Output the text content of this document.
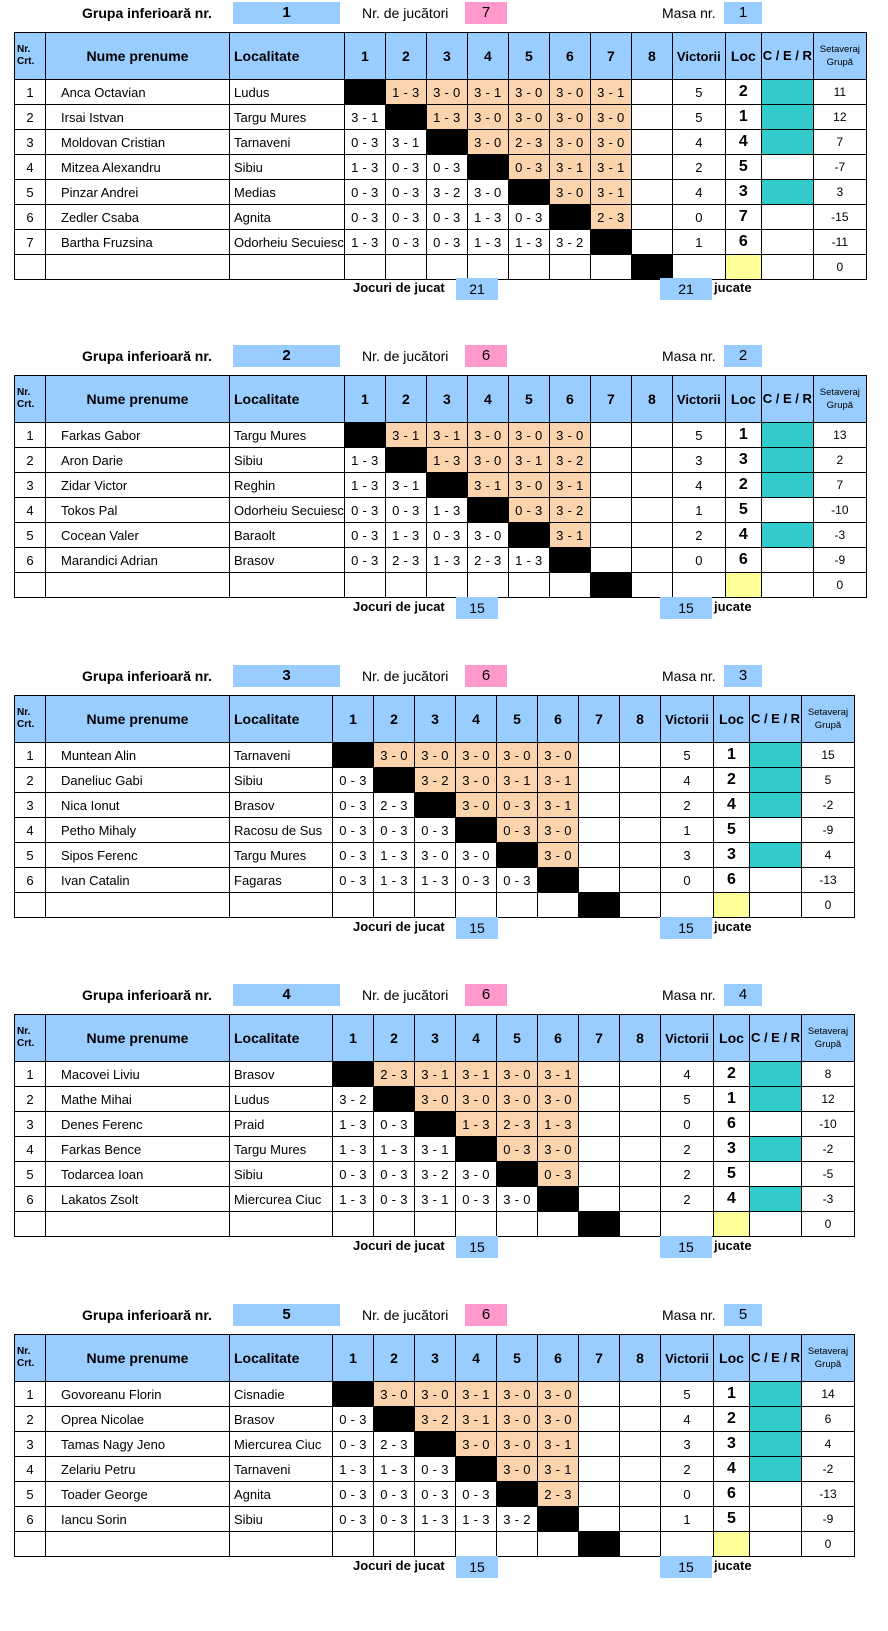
Grupa inferioară nr.	1	Nr. de jucători	7	Masa nr.	1
Nr. Crt.	Nume prenume	Localitate	1	2	3	4	5	6	7	8	Victorii	Loc	C / E / R	Setaveraj Grupă
1	Anca Octavian	Ludus		1 - 3	3 - 0	3 - 1	3 - 0	3 - 0	3 - 1		5	2		11
2	Irsai Istvan	Targu Mures	3 - 1		1 - 3	3 - 0	3 - 0	3 - 0	3 - 0		5	1		12
3	Moldovan Cristian	Tarnaveni	0 - 3	3 - 1		3 - 0	2 - 3	3 - 0	3 - 0		4	4		7
4	Mitzea Alexandru	Sibiu	1 - 3	0 - 3	0 - 3		0 - 3	3 - 1	3 - 1		2	5		-7
5	Pinzar Andrei	Medias	0 - 3	0 - 3	3 - 2	3 - 0		3 - 0	3 - 1		4	3		3
6	Zedler Csaba	Agnita	0 - 3	0 - 3	0 - 3	1 - 3	0 - 3		2 - 3		0	7		-15
7	Bartha Fruzsina	Odorheiu Secuiesc	1 - 3	0 - 3	0 - 3	1 - 3	1 - 3	3 - 2			1	6		-11
														0
Jocuri de jucat	21	21	jucate
Grupa inferioară nr.	2	Nr. de jucători	6	Masa nr.	2
Nr. Crt.	Nume prenume	Localitate	1	2	3	4	5	6	7	8	Victorii	Loc	C / E / R	Setaveraj Grupă
1	Farkas Gabor	Targu Mures		3 - 1	3 - 1	3 - 0	3 - 0	3 - 0			5	1		13
2	Aron Darie	Sibiu	1 - 3		1 - 3	3 - 0	3 - 1	3 - 2			3	3		2
3	Zidar Victor	Reghin	1 - 3	3 - 1		3 - 1	3 - 0	3 - 1			4	2		7
4	Tokos Pal	Odorheiu Secuiesc	0 - 3	0 - 3	1 - 3		0 - 3	3 - 2			1	5		-10
5	Cocean Valer	Baraolt	0 - 3	1 - 3	0 - 3	3 - 0		3 - 1			2	4		-3
6	Marandici Adrian	Brasov	0 - 3	2 - 3	1 - 3	2 - 3	1 - 3				0	6		-9
														0
Jocuri de jucat	15	15	jucate
Grupa inferioară nr.	3	Nr. de jucători	6	Masa nr.	3
Nr. Crt.	Nume prenume	Localitate	1	2	3	4	5	6	7	8	Victorii	Loc	C / E / R	Setaveraj Grupă
1	Muntean Alin	Tarnaveni		3 - 0	3 - 0	3 - 0	3 - 0	3 - 0			5	1		15
2	Daneliuc Gabi	Sibiu	0 - 3		3 - 2	3 - 0	3 - 1	3 - 1			4	2		5
3	Nica Ionut	Brasov	0 - 3	2 - 3		3 - 0	0 - 3	3 - 1			2	4		-2
4	Petho Mihaly	Racosu de Sus	0 - 3	0 - 3	0 - 3		0 - 3	3 - 0			1	5		-9
5	Sipos Ferenc	Targu Mures	0 - 3	1 - 3	3 - 0	3 - 0		3 - 0			3	3		4
6	Ivan Catalin	Fagaras	0 - 3	1 - 3	1 - 3	0 - 3	0 - 3				0	6		-13
														0
Jocuri de jucat	15	15	jucate
Grupa inferioară nr.	4	Nr. de jucători	6	Masa nr.	4
Nr. Crt.	Nume prenume	Localitate	1	2	3	4	5	6	7	8	Victorii	Loc	C / E / R	Setaveraj Grupă
1	Macovei Liviu	Brasov		2 - 3	3 - 1	3 - 1	3 - 0	3 - 1			4	2		8
2	Mathe Mihai	Ludus	3 - 2		3 - 0	3 - 0	3 - 0	3 - 0			5	1		12
3	Denes Ferenc	Praid	1 - 3	0 - 3		1 - 3	2 - 3	1 - 3			0	6		-10
4	Farkas Bence	Targu Mures	1 - 3	1 - 3	3 - 1		0 - 3	3 - 0			2	3		-2
5	Todarcea Ioan	Sibiu	0 - 3	0 - 3	3 - 2	3 - 0		0 - 3			2	5		-5
6	Lakatos Zsolt	Miercurea Ciuc	1 - 3	0 - 3	3 - 1	0 - 3	3 - 0				2	4		-3
														0
Jocuri de jucat	15	15	jucate
Grupa inferioară nr.	5	Nr. de jucători	6	Masa nr.	5
Nr. Crt.	Nume prenume	Localitate	1	2	3	4	5	6	7	8	Victorii	Loc	C / E / R	Setaveraj Grupă
1	Govoreanu Florin	Cisnadie		3 - 0	3 - 0	3 - 1	3 - 0	3 - 0			5	1		14
2	Oprea Nicolae	Brasov	0 - 3		3 - 2	3 - 1	3 - 0	3 - 0			4	2		6
3	Tamas Nagy Jeno	Miercurea Ciuc	0 - 3	2 - 3		3 - 0	3 - 0	3 - 1			3	3		4
4	Zelariu Petru	Tarnaveni	1 - 3	1 - 3	0 - 3		3 - 0	3 - 1			2	4		-2
5	Toader George	Agnita	0 - 3	0 - 3	0 - 3	0 - 3		2 - 3			0	6		-13
6	Iancu Sorin	Sibiu	0 - 3	0 - 3	1 - 3	1 - 3	3 - 2				1	5		-9
														0
Jocuri de jucat	15	15	jucate
